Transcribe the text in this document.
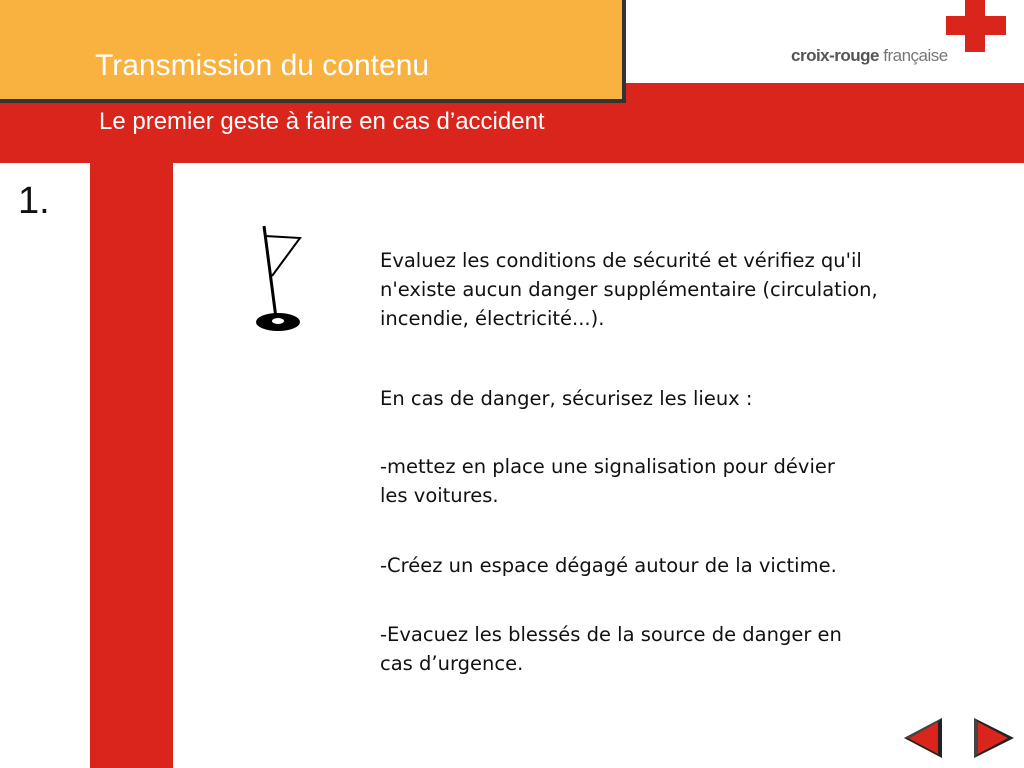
Transmission du contenu
Le premier geste à faire en cas d’accident
croix-rouge française
1.

Evaluez les conditions de sécurité et vérifiez qu'il
n'existe aucun danger supplémentaire (circulation,
incendie, électricité...).

En cas de danger, sécurisez les lieux :

-mettez en place une signalisation pour dévier
les voitures.

-Créez un espace dégagé autour de la victime.

-Evacuez les blessés de la source de danger en
cas d’urgence.
